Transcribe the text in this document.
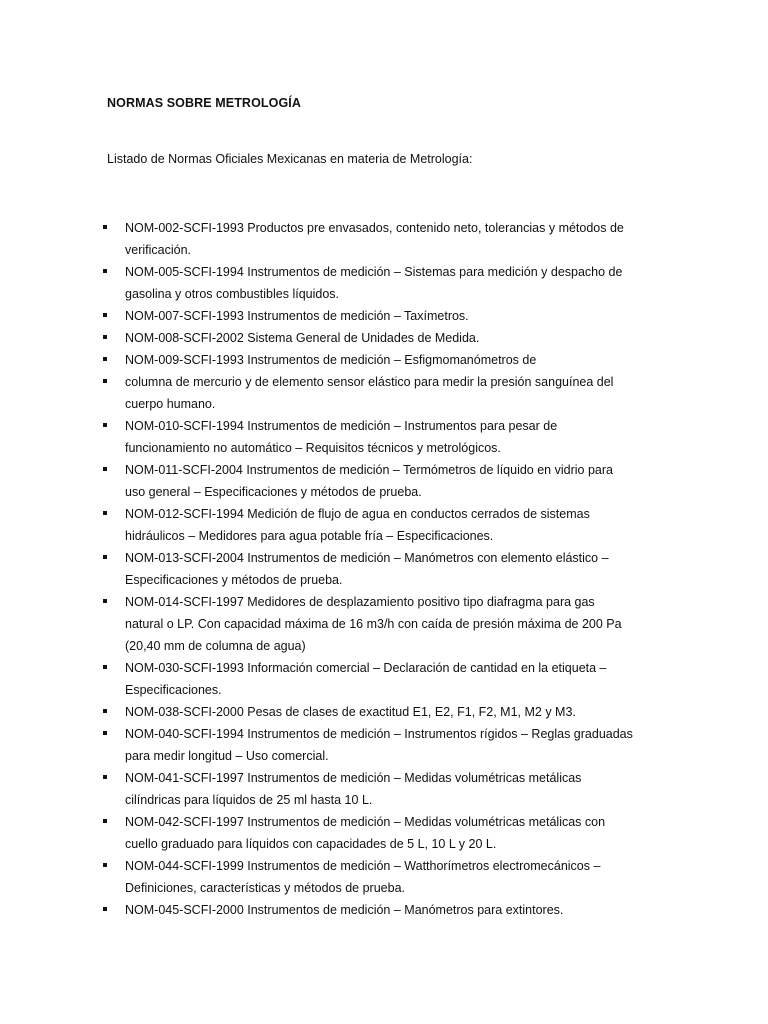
NORMAS SOBRE METROLOGÍA
Listado de Normas Oficiales Mexicanas en materia de Metrología:
NOM-002-SCFI-1993 Productos pre envasados, contenido neto, tolerancias y métodos de
verificación.
NOM-005-SCFI-1994 Instrumentos de medición – Sistemas para medición y despacho de
gasolina y otros combustibles líquidos.
NOM-007-SCFI-1993 Instrumentos de medición – Taxímetros.
NOM-008-SCFI-2002 Sistema General de Unidades de Medida.
NOM-009-SCFI-1993 Instrumentos de medición – Esfigmomanómetros de
columna de mercurio y de elemento sensor elástico para medir la presión sanguínea del
cuerpo humano.
NOM-010-SCFI-1994 Instrumentos de medición – Instrumentos para pesar de
funcionamiento no automático – Requisitos técnicos y metrológicos.
NOM-011-SCFI-2004 Instrumentos de medición – Termómetros de líquido en vidrio para
uso general – Especificaciones y métodos de prueba.
NOM-012-SCFI-1994 Medición de flujo de agua en conductos cerrados de sistemas
hidráulicos – Medidores para agua potable fría – Especificaciones.
NOM-013-SCFI-2004 Instrumentos de medición – Manómetros con elemento elástico –
Especificaciones y métodos de prueba.
NOM-014-SCFI-1997 Medidores de desplazamiento positivo tipo diafragma para gas
natural o LP. Con capacidad máxima de 16 m3/h con caída de presión máxima de 200 Pa
(20,40 mm de columna de agua)
NOM-030-SCFI-1993 Información comercial – Declaración de cantidad en la etiqueta –
Especificaciones.
NOM-038-SCFI-2000 Pesas de clases de exactitud E1, E2, F1, F2, M1, M2 y M3.
NOM-040-SCFI-1994 Instrumentos de medición – Instrumentos rígidos – Reglas graduadas
para medir longitud – Uso comercial.
NOM-041-SCFI-1997 Instrumentos de medición – Medidas volumétricas metálicas
cilíndricas para líquidos de 25 ml hasta 10 L.
NOM-042-SCFI-1997 Instrumentos de medición – Medidas volumétricas metálicas con
cuello graduado para líquidos con capacidades de 5 L, 10 L y 20 L.
NOM-044-SCFI-1999 Instrumentos de medición – Watthorímetros electromecánicos –
Definiciones, características y métodos de prueba.
NOM-045-SCFI-2000 Instrumentos de medición – Manómetros para extintores.
